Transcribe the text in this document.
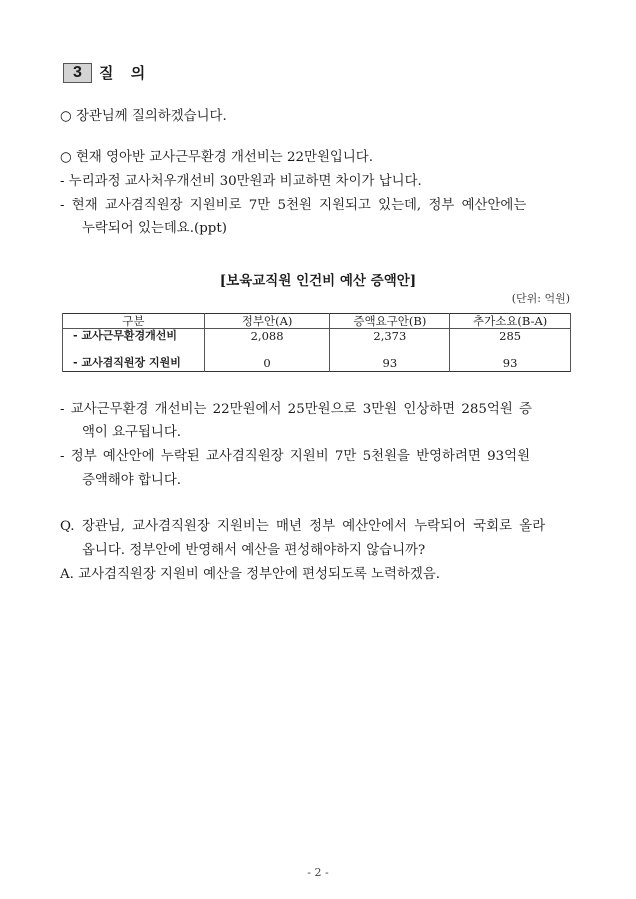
3	질 의
○ 장관님께 질의하겠습니다.
○ 현재 영아반 교사근무환경 개선비는 22만원입니다.
- 누리과정 교사처우개선비 30만원과 비교하면 차이가 납니다.
- 현재 교사겸직원장 지원비로 7만 5천원 지원되고 있는데, 정부 예산안에는
누락되어 있는데요.(ppt)
[보육교직원 인건비 예산 증액안]
(단위: 억원)
구분	정부안(A)	증액요구안(B)	추가소요(B-A)
- 교사근무환경개선비	2,088	2,373	285
- 교사겸직원장 지원비	0	93	93
- 교사근무환경 개선비는 22만원에서 25만원으로 3만원 인상하면 285억원 증
액이 요구됩니다.
- 정부 예산안에 누락된 교사겸직원장 지원비 7만 5천원을 반영하려면 93억원
증액해야 합니다.
Q. 장관님, 교사겸직원장 지원비는 매년 정부 예산안에서 누락되어 국회로 올라
옵니다. 정부안에 반영해서 예산을 편성해야하지 않습니까?
A. 교사겸직원장 지원비 예산을 정부안에 편성되도록 노력하겠음.
- 2 -
